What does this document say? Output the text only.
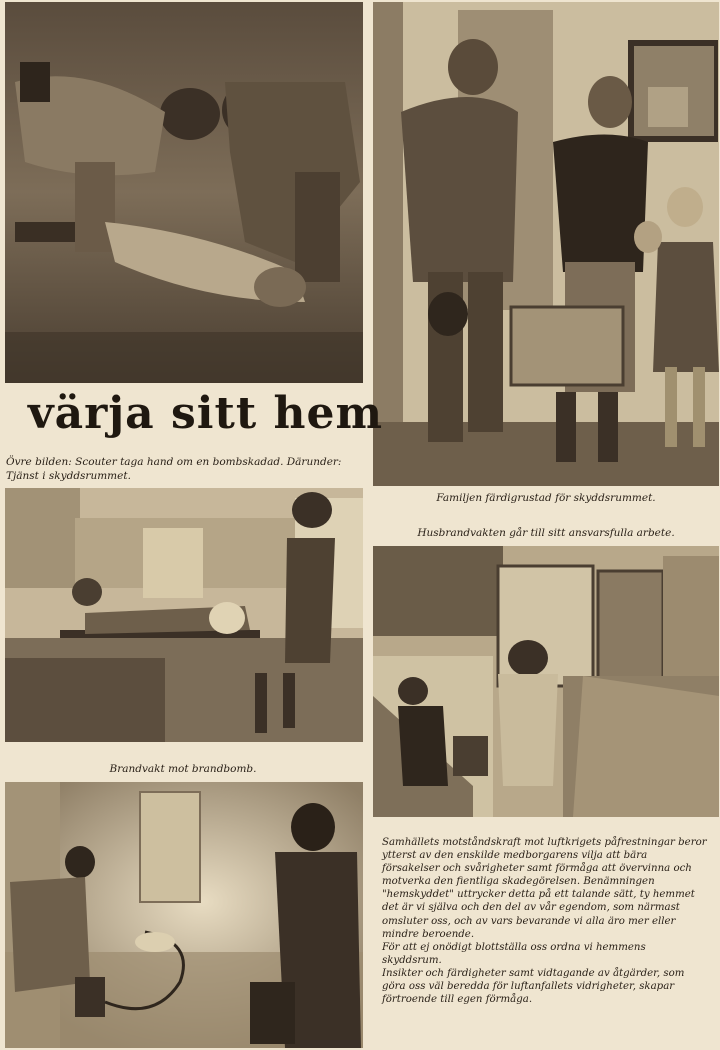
värja sitt hem

Övre bilden: Scouter taga hand om en bombskadad. Därunder: Tjänst i skyddsrummet.

Familjen färdigrustad för skyddsrummet.

Husbrandvakten går till sitt ansvarsfulla arbete.

Brandvakt mot brandbomb.

Samhällets motståndskraft mot luftkrigets påfrestningar beror ytterst av den enskilde medborgarens vilja att bära försakelser och svårigheter samt förmåga att övervinna och motverka den fientliga skadegörelsen. Benämningen "hemskyddet" uttrycker detta på ett talande sätt, ty hemmet det är vi själva och den del av vår egendom, som närmast omsluter oss, och av vars bevarande vi alla äro mer eller mindre beroende.

För att ej onödigt blottställa oss ordna vi hemmens skyddsrum.

Insikter och färdigheter samt vidtagande av åtgärder, som göra oss väl beredda för luftanfallets vidrigheter, skapar förtroende till egen förmåga.
